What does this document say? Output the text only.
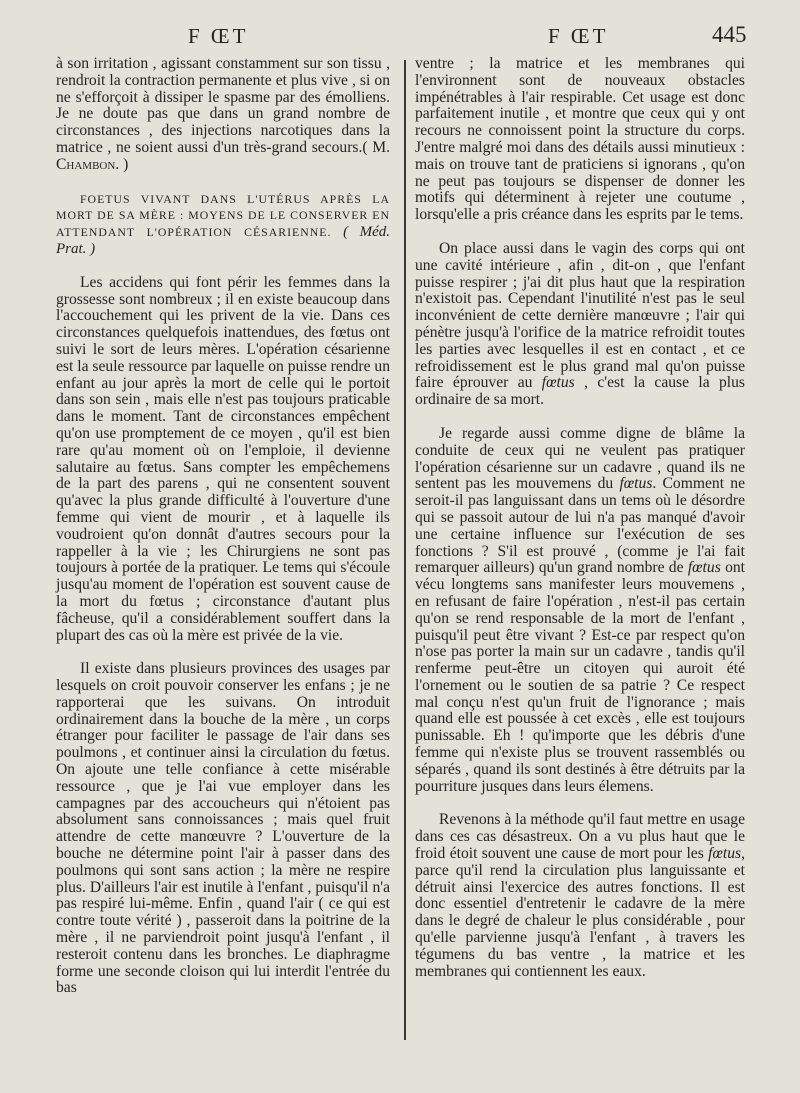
F ŒT	F ŒT	445

à son irritation , agissant constamment sur son tissu , rendroit la contraction permanente et plus vive , si on ne s'efforçoit à dissiper le spasme par des émolliens. Je ne doute pas que dans un grand nombre de circonstances , des injections narcotiques dans la matrice , ne soient aussi d'un très-grand secours.( M. Chambon. )

FOETUS VIVANT DANS L'UTÉRUS APRÈS LA MORT DE SA MÈRE : MOYENS DE LE CONSERVER EN ATTENDANT L'OPÉRATION CÉSARIENNE. ( Méd. Prat. )

Les accidens qui font périr les femmes dans la grossesse sont nombreux ; il en existe beaucoup dans l'accouchement qui les privent de la vie. Dans ces circonstances quelquefois inattendues, des fœtus ont suivi le sort de leurs mères. L'opération césarienne est la seule ressource par laquelle on puisse rendre un enfant au jour après la mort de celle qui le portoit dans son sein , mais elle n'est pas toujours praticable dans le moment. Tant de circonstances empêchent qu'on use promptement de ce moyen , qu'il est bien rare qu'au moment où on l'emploie, il devienne salutaire au fœtus. Sans compter les empêchemens de la part des parens , qui ne consentent souvent qu'avec la plus grande difficulté à l'ouverture d'une femme qui vient de mourir , et à laquelle ils voudroient qu'on donnât d'autres secours pour la rappeller à la vie ; les Chirurgiens ne sont pas toujours à portée de la pratiquer. Le tems qui s'écoule jusqu'au moment de l'opération est souvent cause de la mort du fœtus ; circonstance d'autant plus fâcheuse, qu'il a considérablement souffert dans la plupart des cas où la mère est privée de la vie.

Il existe dans plusieurs provinces des usages par lesquels on croit pouvoir conserver les enfans ; je ne rapporterai que les suivans. On introduit ordinairement dans la bouche de la mère , un corps étranger pour faciliter le passage de l'air dans ses poulmons , et continuer ainsi la circulation du fœtus. On ajoute une telle confiance à cette misérable ressource , que je l'ai vue employer dans les campagnes par des accoucheurs qui n'étoient pas absolument sans connoissances ; mais quel fruit attendre de cette manœuvre ? L'ouverture de la bouche ne détermine point l'air à passer dans des poulmons qui sont sans action ; la mère ne respire plus. D'ailleurs l'air est inutile à l'enfant , puisqu'il n'a pas respiré lui-même. Enfin , quand l'air ( ce qui est contre toute vérité ) , passeroit dans la poitrine de la mère , il ne parviendroit point jusqu'à l'enfant , il resteroit contenu dans les bronches. Le diaphragme forme une seconde cloison qui lui interdit l'entrée du bas

ventre ; la matrice et les membranes qui l'environnent sont de nouveaux obstacles impénétrables à l'air respirable. Cet usage est donc parfaitement inutile , et montre que ceux qui y ont recours ne connoissent point la structure du corps. J'entre malgré moi dans des détails aussi minutieux : mais on trouve tant de praticiens si ignorans , qu'on ne peut pas toujours se dispenser de donner les motifs qui déterminent à rejeter une coutume , lorsqu'elle a pris créance dans les esprits par le tems.

On place aussi dans le vagin des corps qui ont une cavité intérieure , afin , dit-on , que l'enfant puisse respirer ; j'ai dit plus haut que la respiration n'existoit pas. Cependant l'inutilité n'est pas le seul inconvénient de cette dernière manœuvre ; l'air qui pénètre jusqu'à l'orifice de la matrice refroidit toutes les parties avec lesquelles il est en contact , et ce refroidissement est le plus grand mal qu'on puisse faire éprouver au fœtus , c'est la cause la plus ordinaire de sa mort.

Je regarde aussi comme digne de blâme la conduite de ceux qui ne veulent pas pratiquer l'opération césarienne sur un cadavre , quand ils ne sentent pas les mouvemens du fœtus. Comment ne seroit-il pas languissant dans un tems où le désordre qui se passoit autour de lui n'a pas manqué d'avoir une certaine influence sur l'exécution de ses fonctions ? S'il est prouvé , (comme je l'ai fait remarquer ailleurs) qu'un grand nombre de fœtus ont vécu longtems sans manifester leurs mouvemens , en refusant de faire l'opération , n'est-il pas certain qu'on se rend responsable de la mort de l'enfant , puisqu'il peut être vivant ? Est-ce par respect qu'on n'ose pas porter la main sur un cadavre , tandis qu'il renferme peut-être un citoyen qui auroit été l'ornement ou le soutien de sa patrie ? Ce respect mal conçu n'est qu'un fruit de l'ignorance ; mais quand elle est poussée à cet excès , elle est toujours punissable. Eh ! qu'importe que les débris d'une femme qui n'existe plus se trouvent rassemblés ou séparés , quand ils sont destinés à être détruits par la pourriture jusques dans leurs élemens.

Revenons à la méthode qu'il faut mettre en usage dans ces cas désastreux. On a vu plus haut que le froid étoit souvent une cause de mort pour les fœtus, parce qu'il rend la circulation plus languissante et détruit ainsi l'exercice des autres fonctions. Il est donc essentiel d'entretenir le cadavre de la mère dans le degré de chaleur le plus considérable , pour qu'elle parvienne jusqu'à l'enfant , à travers les tégumens du bas ventre , la matrice et les membranes qui contiennent les eaux.
